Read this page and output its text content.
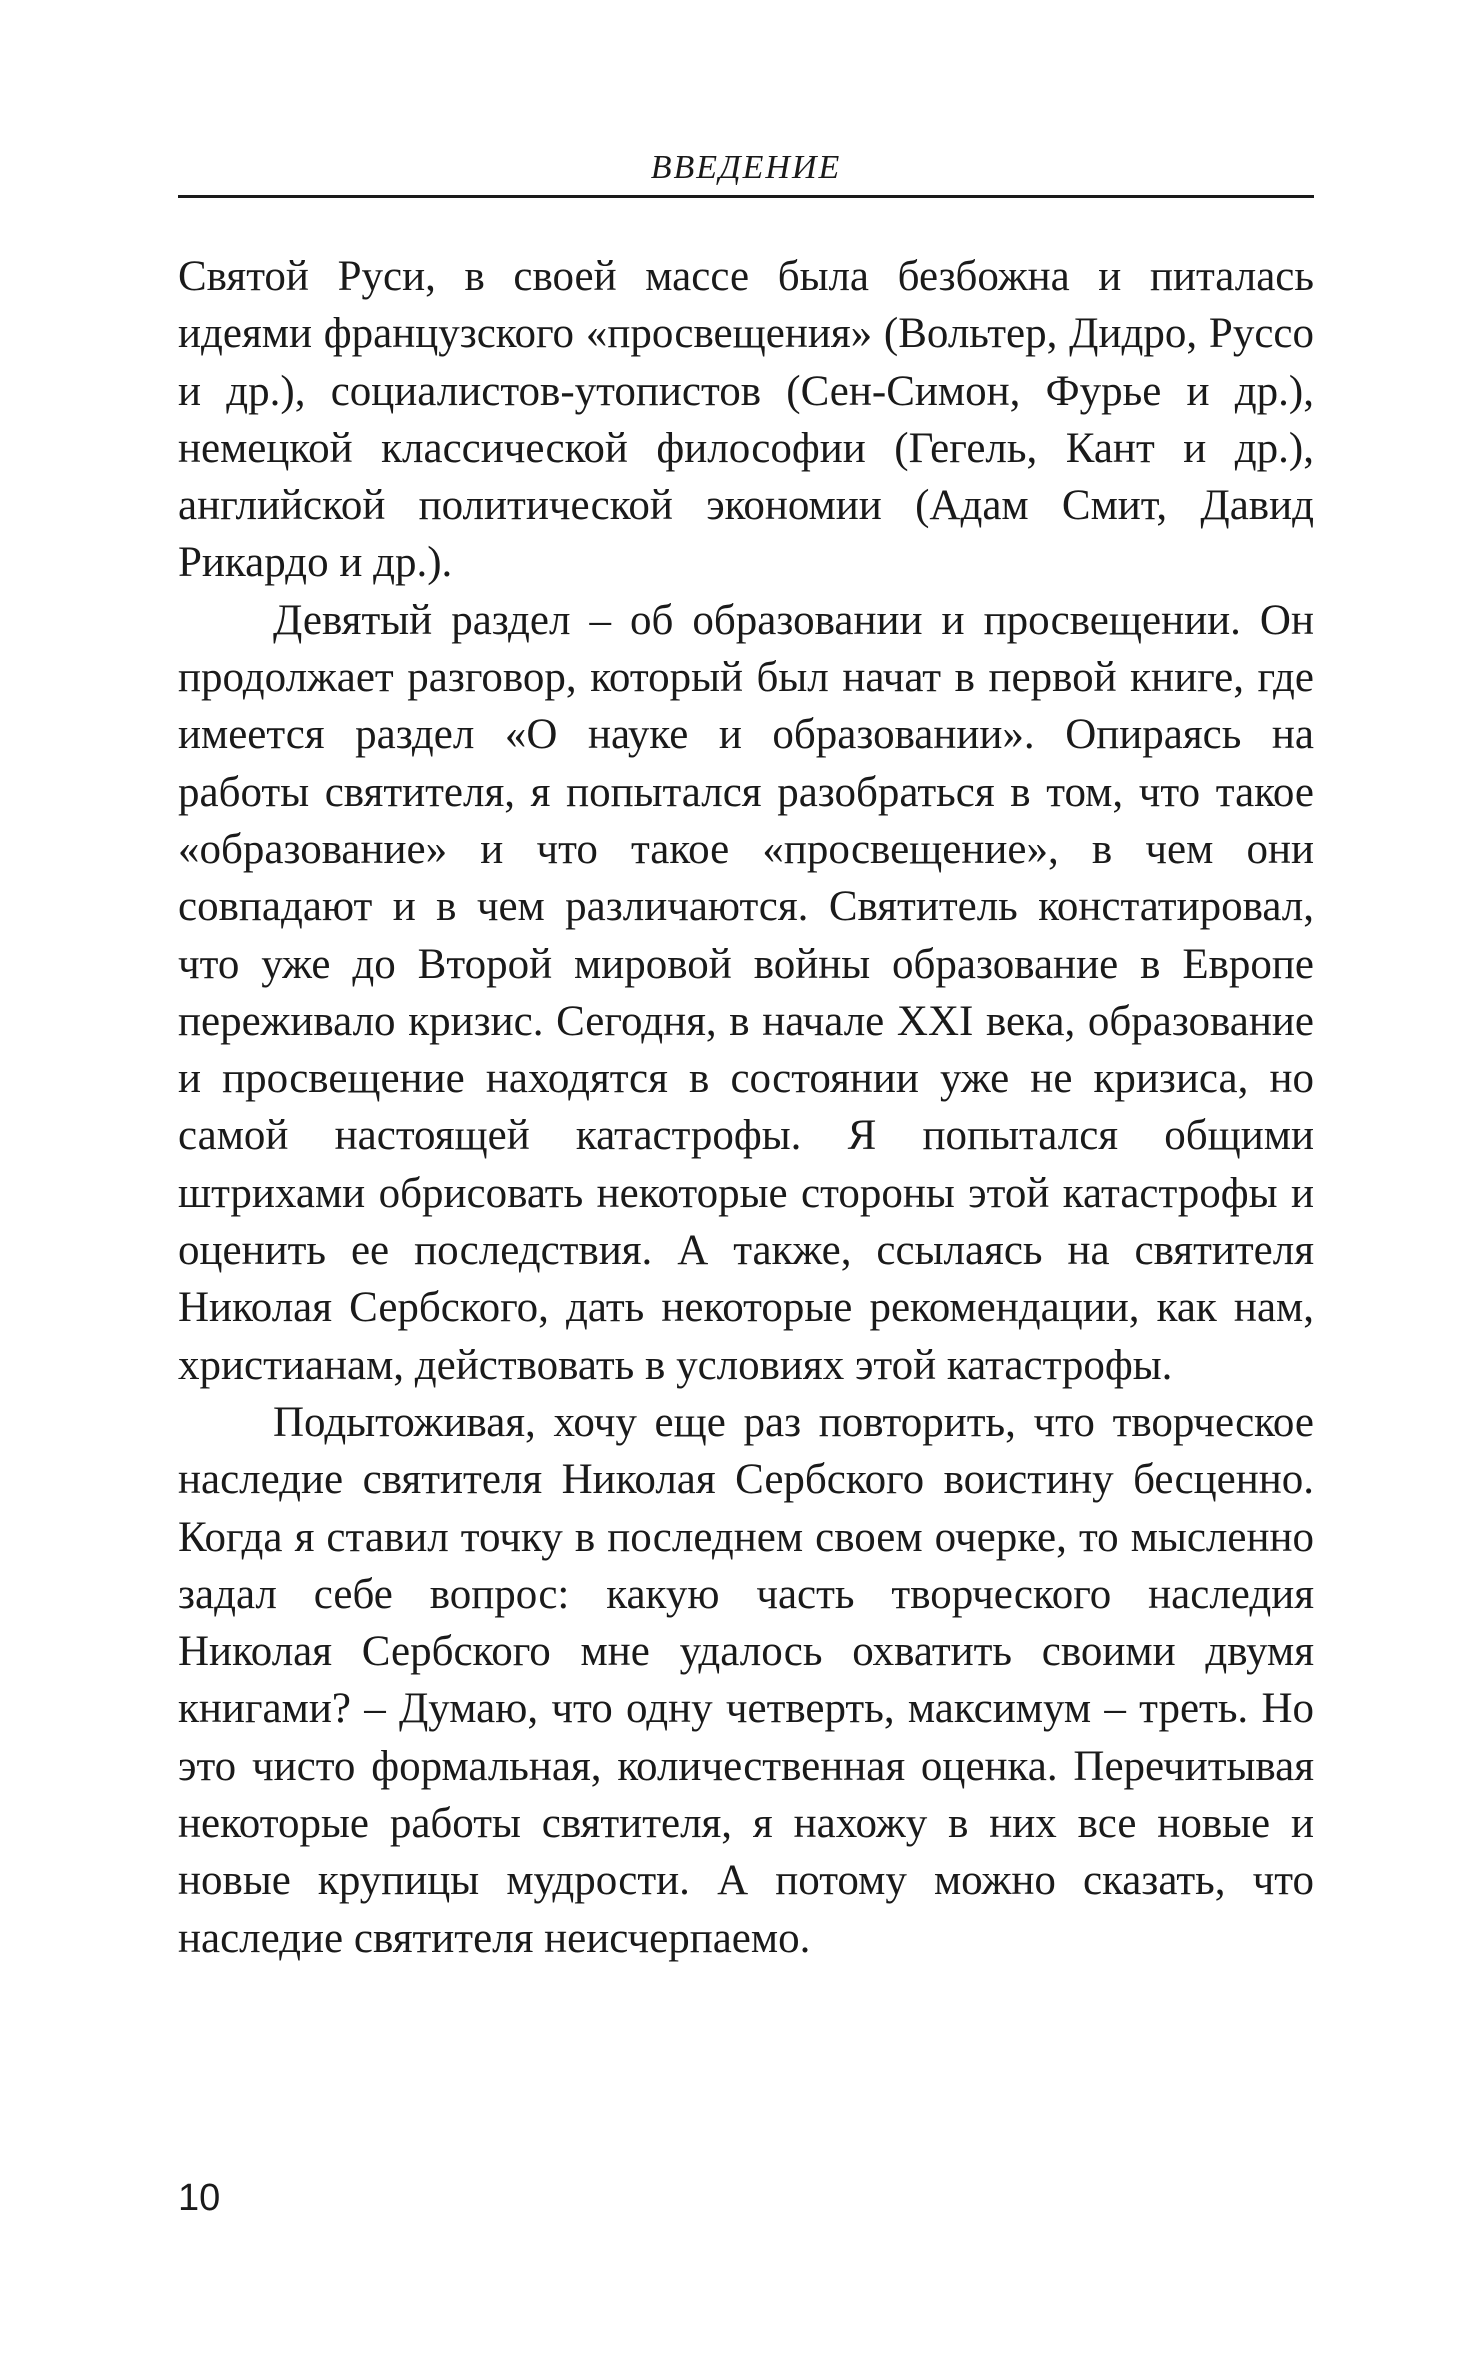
ВВЕДЕНИЕ

Святой Руси, в своей массе была безбожна и питалась идеями французского «просвещения» (Вольтер, Дидро, Руссо и др.), социалистов-утопистов (Сен-Симон, Фурье и др.), немецкой классической философии (Гегель, Кант и др.), английской политической экономии (Адам Смит, Давид Рикардо и др.).

Девятый раздел – об образовании и просвещении. Он продолжает разговор, который был начат в первой книге, где имеется раздел «О науке и образовании». Опираясь на работы святителя, я попытался разобраться в том, что такое «образование» и что такое «просвещение», в чем они совпадают и в чем различаются. Святитель констатировал, что уже до Второй мировой войны образование в Европе переживало кризис. Сегодня, в начале XXI века, образование и просвещение находятся в состоянии уже не кризиса, но самой настоящей катастрофы. Я попытался общими штрихами обрисовать некоторые стороны этой катастрофы и оценить ее последствия. А также, ссылаясь на святителя Николая Сербского, дать некоторые рекомендации, как нам, христианам, действовать в условиях этой катастрофы.

Подытоживая, хочу еще раз повторить, что творческое наследие святителя Николая Сербского воистину бесценно. Когда я ставил точку в последнем своем очерке, то мысленно задал себе вопрос: какую часть творческого наследия Николая Сербского мне удалось охватить своими двумя книгами? – Думаю, что одну четверть, максимум – треть. Но это чисто формальная, количественная оценка. Перечитывая некоторые работы святителя, я нахожу в них все новые и новые крупицы мудрости. А потому можно сказать, что наследие святителя неисчерпаемо.

10
